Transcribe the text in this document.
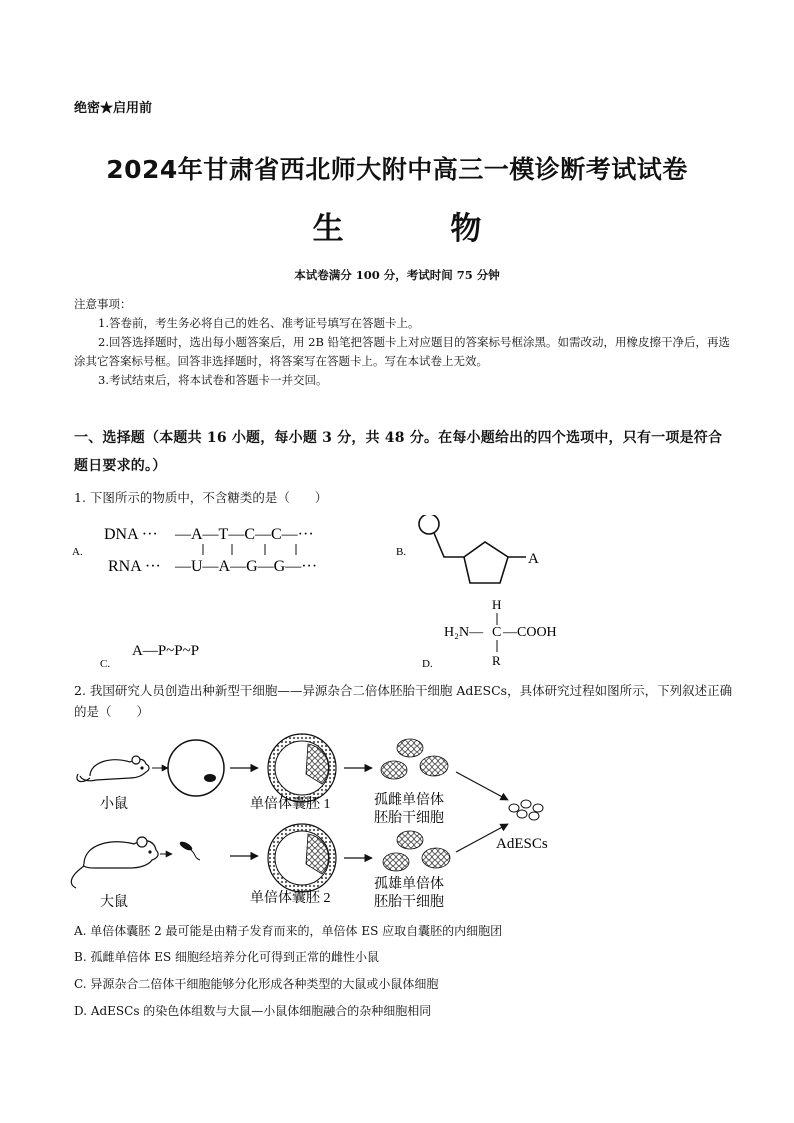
绝密★启用前
2024年甘肃省西北师大附中高三一模诊断考试试卷
生 物
本试卷满分 100 分，考试时间 75 分钟

注意事项：

1.答卷前，考生务必将自己的姓名、准考证号填写在答题卡上。

2.回答选择题时，选出每小题答案后，用 2B 铅笔把答题卡上对应题目的答案标号框涂黑。如需改动，用橡皮擦干净后，再选涂其它答案标号框。回答非选择题时，将答案写在答题卡上。写在本试卷上无效。

3.考试结束后，将本试卷和答题卡一并交回。

一、选择题（本题共 16 小题，每小题 3 分，共 48 分。在每小题给出的四个选项中，只有一项是符合题日要求的。）
1. 下图所示的物质中，不含糖类的是（　　）
A.
DNA ··· —A—T—C—C—···
RNA ··· —U—A—G—G—···
B.	A
A—P~P~P
C.
H
H₂N— C —COOH
R
D.
2. 我国研究人员创造出种新型干细胞——异源杂合二倍体胚胎干细胞 AdESCs，具体研究过程如图所示，下列叙述正确的是（　　）
小鼠	单倍体囊胚 1	孤雌单倍体
胚胎干细胞
AdESCs
大鼠	单倍体囊胚 2
孤雄单倍体
胚胎干细胞
A. 单倍体囊胚 2 最可能是由精子发育而来的，单倍体 ES 应取自囊胚的内细胞团
B. 孤雌单倍体 ES 细胞经培养分化可得到正常的雌性小鼠
C. 异源杂合二倍体干细胞能够分化形成各种类型的大鼠或小鼠体细胞
D. AdESCs 的染色体组数与大鼠—小鼠体细胞融合的杂种细胞相同
